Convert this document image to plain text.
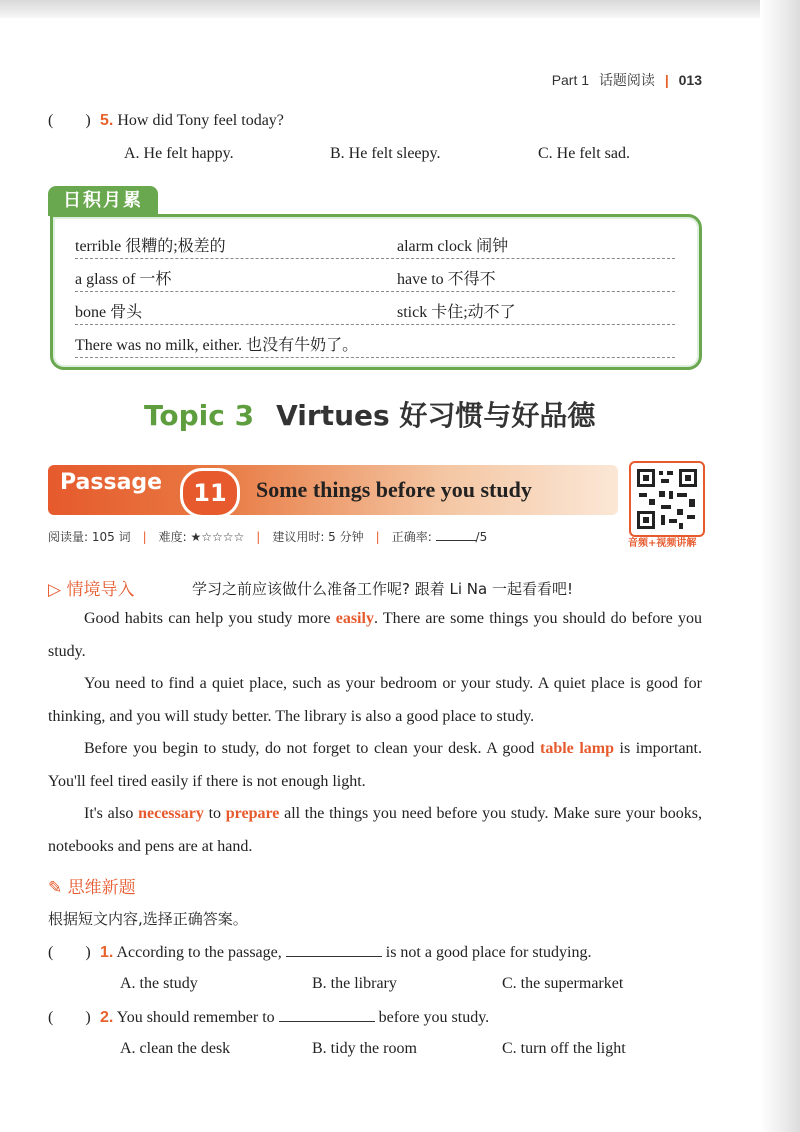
Part 1 话题阅读 | 013
(        ) 5. How did Tony feel today?
A. He felt happy.	B. He felt sleepy.	C. He felt sad.
日积月累
terrible 很糟的;极差的	alarm clock 闹钟
a glass of 一杯	have to 不得不
bone 骨头	stick 卡住;动不了
There was no milk, either. 也没有牛奶了。
Topic 3 Virtues 好习惯与好品德
Passage	11	Some things before you study
音频+视频讲解
阅读量: 105 词 | 难度: ★☆☆☆☆ | 建议用时: 5 分钟 | 正确率:	/5
▷ 情境导入	学习之前应该做什么准备工作呢? 跟着 Li Na 一起看看吧!
Good habits can help you study more easily. There are some things you should do before you study.
You need to find a quiet place, such as your bedroom or your study. A quiet place is good for thinking, and you will study better. The library is also a good place to study.
Before you begin to study, do not forget to clean your desk. A good table lamp is important. You'll feel tired easily if there is not enough light.
It's also necessary to prepare all the things you need before you study. Make sure your books, notebooks and pens are at hand.
✎ 思维新题
根据短文内容,选择正确答案。
(        ) 1. According to the passage,	is not a good place for studying.
A. the study	B. the library	C. the supermarket
(        ) 2. You should remember to	before you study.
A. clean the desk	B. tidy the room	C. turn off the light
